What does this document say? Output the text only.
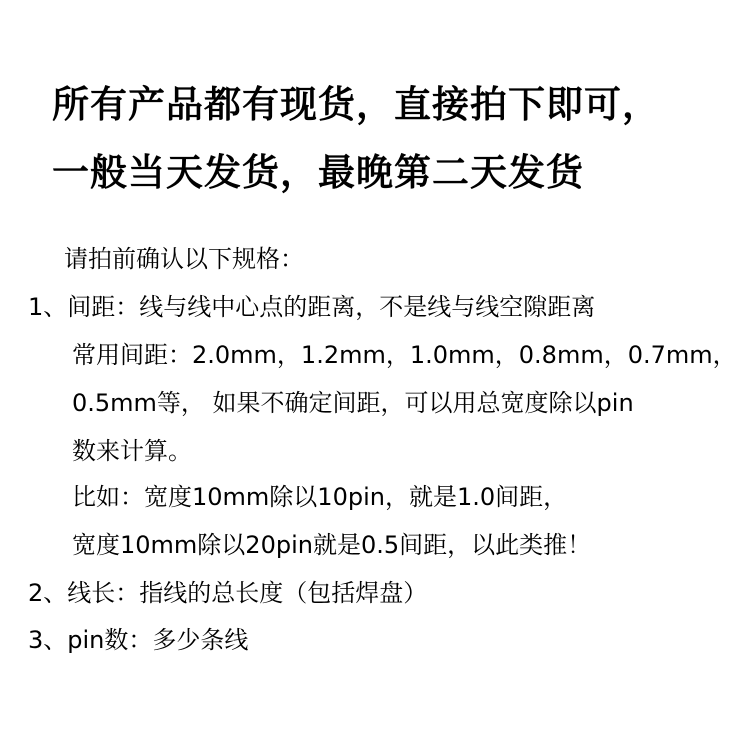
所有产品都有现货，直接拍下即可，
一般当天发货，最晚第二天发货
请拍前确认以下规格：
1、间距：线与线中心点的距离，不是线与线空隙距离
常用间距：2.0mm，1.2mm，1.0mm，0.8mm，0.7mm，
0.5mm等， 如果不确定间距，可以用总宽度除以pin
数来计算。
比如：宽度10mm除以10pin，就是1.0间距，
宽度10mm除以20pin就是0.5间距，以此类推！
2、线长：指线的总长度（包括焊盘）
3、pin数：多少条线
